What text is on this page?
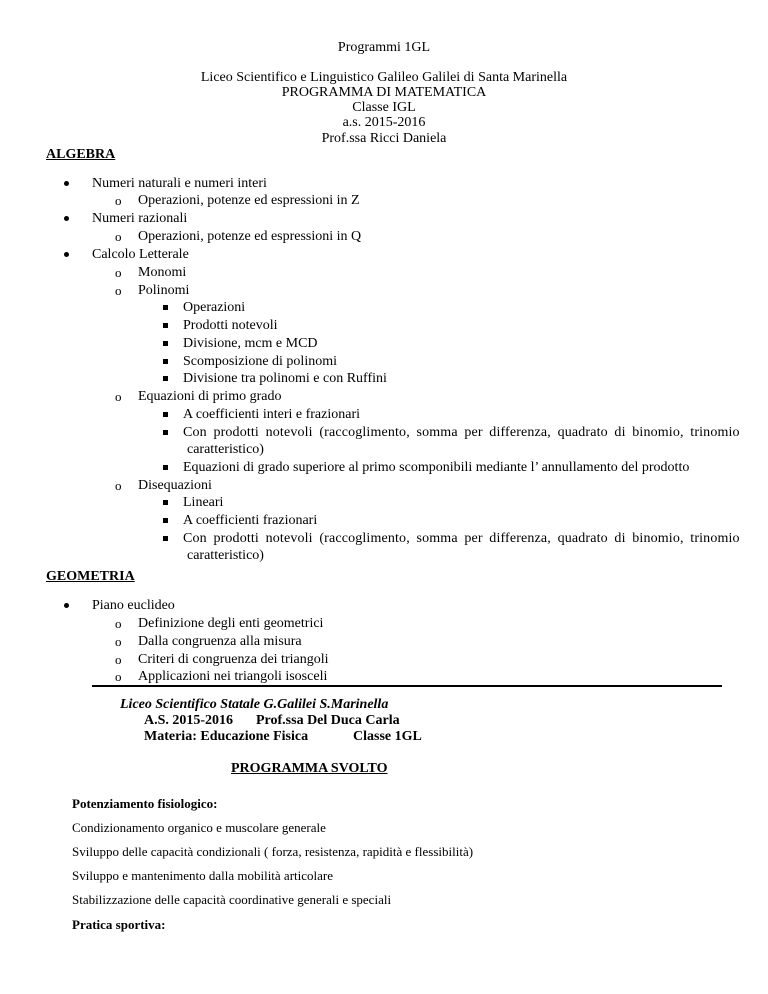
Programmi 1GL
Liceo Scientifico e Linguistico Galileo Galilei di Santa Marinella
PROGRAMMA DI MATEMATICA
Classe IGL
a.s. 2015-2016
Prof.ssa Ricci Daniela
ALGEBRA
Numeri naturali e numeri interi
o Operazioni, potenze ed espressioni in Z
Numeri razionali
o Operazioni, potenze ed espressioni in Q
Calcolo Letterale
o Monomi
o Polinomi
Operazioni
Prodotti notevoli
Divisione, mcm e MCD
Scomposizione di polinomi
Divisione tra polinomi e con Ruffini
o Equazioni di primo grado
A coefficienti interi e frazionari
Con prodotti notevoli (raccoglimento, somma per differenza, quadrato di binomio, trinomio
caratteristico)
Equazioni di grado superiore al primo scomponibili mediante l’ annullamento del prodotto
o Disequazioni
Lineari
A coefficienti frazionari
Con prodotti notevoli (raccoglimento, somma per differenza, quadrato di binomio, trinomio
caratteristico)
GEOMETRIA
Piano euclideo
o Definizione degli enti geometrici
o Dalla congruenza alla misura
o Criteri di congruenza dei triangoli
o Applicazioni nei triangoli isosceli
Liceo Scientifico Statale G.Galilei S.Marinella
A.S. 2015-2016 Prof.ssa Del Duca Carla
Materia: Educazione Fisica	Classe 1GL
PROGRAMMA SVOLTO
Potenziamento fisiologico:
Condizionamento organico e muscolare generale
Sviluppo delle capacità condizionali ( forza, resistenza, rapidità e flessibilità)
Sviluppo e mantenimento dalla mobilità articolare
Stabilizzazione delle capacità coordinative generali e speciali
Pratica sportiva:
